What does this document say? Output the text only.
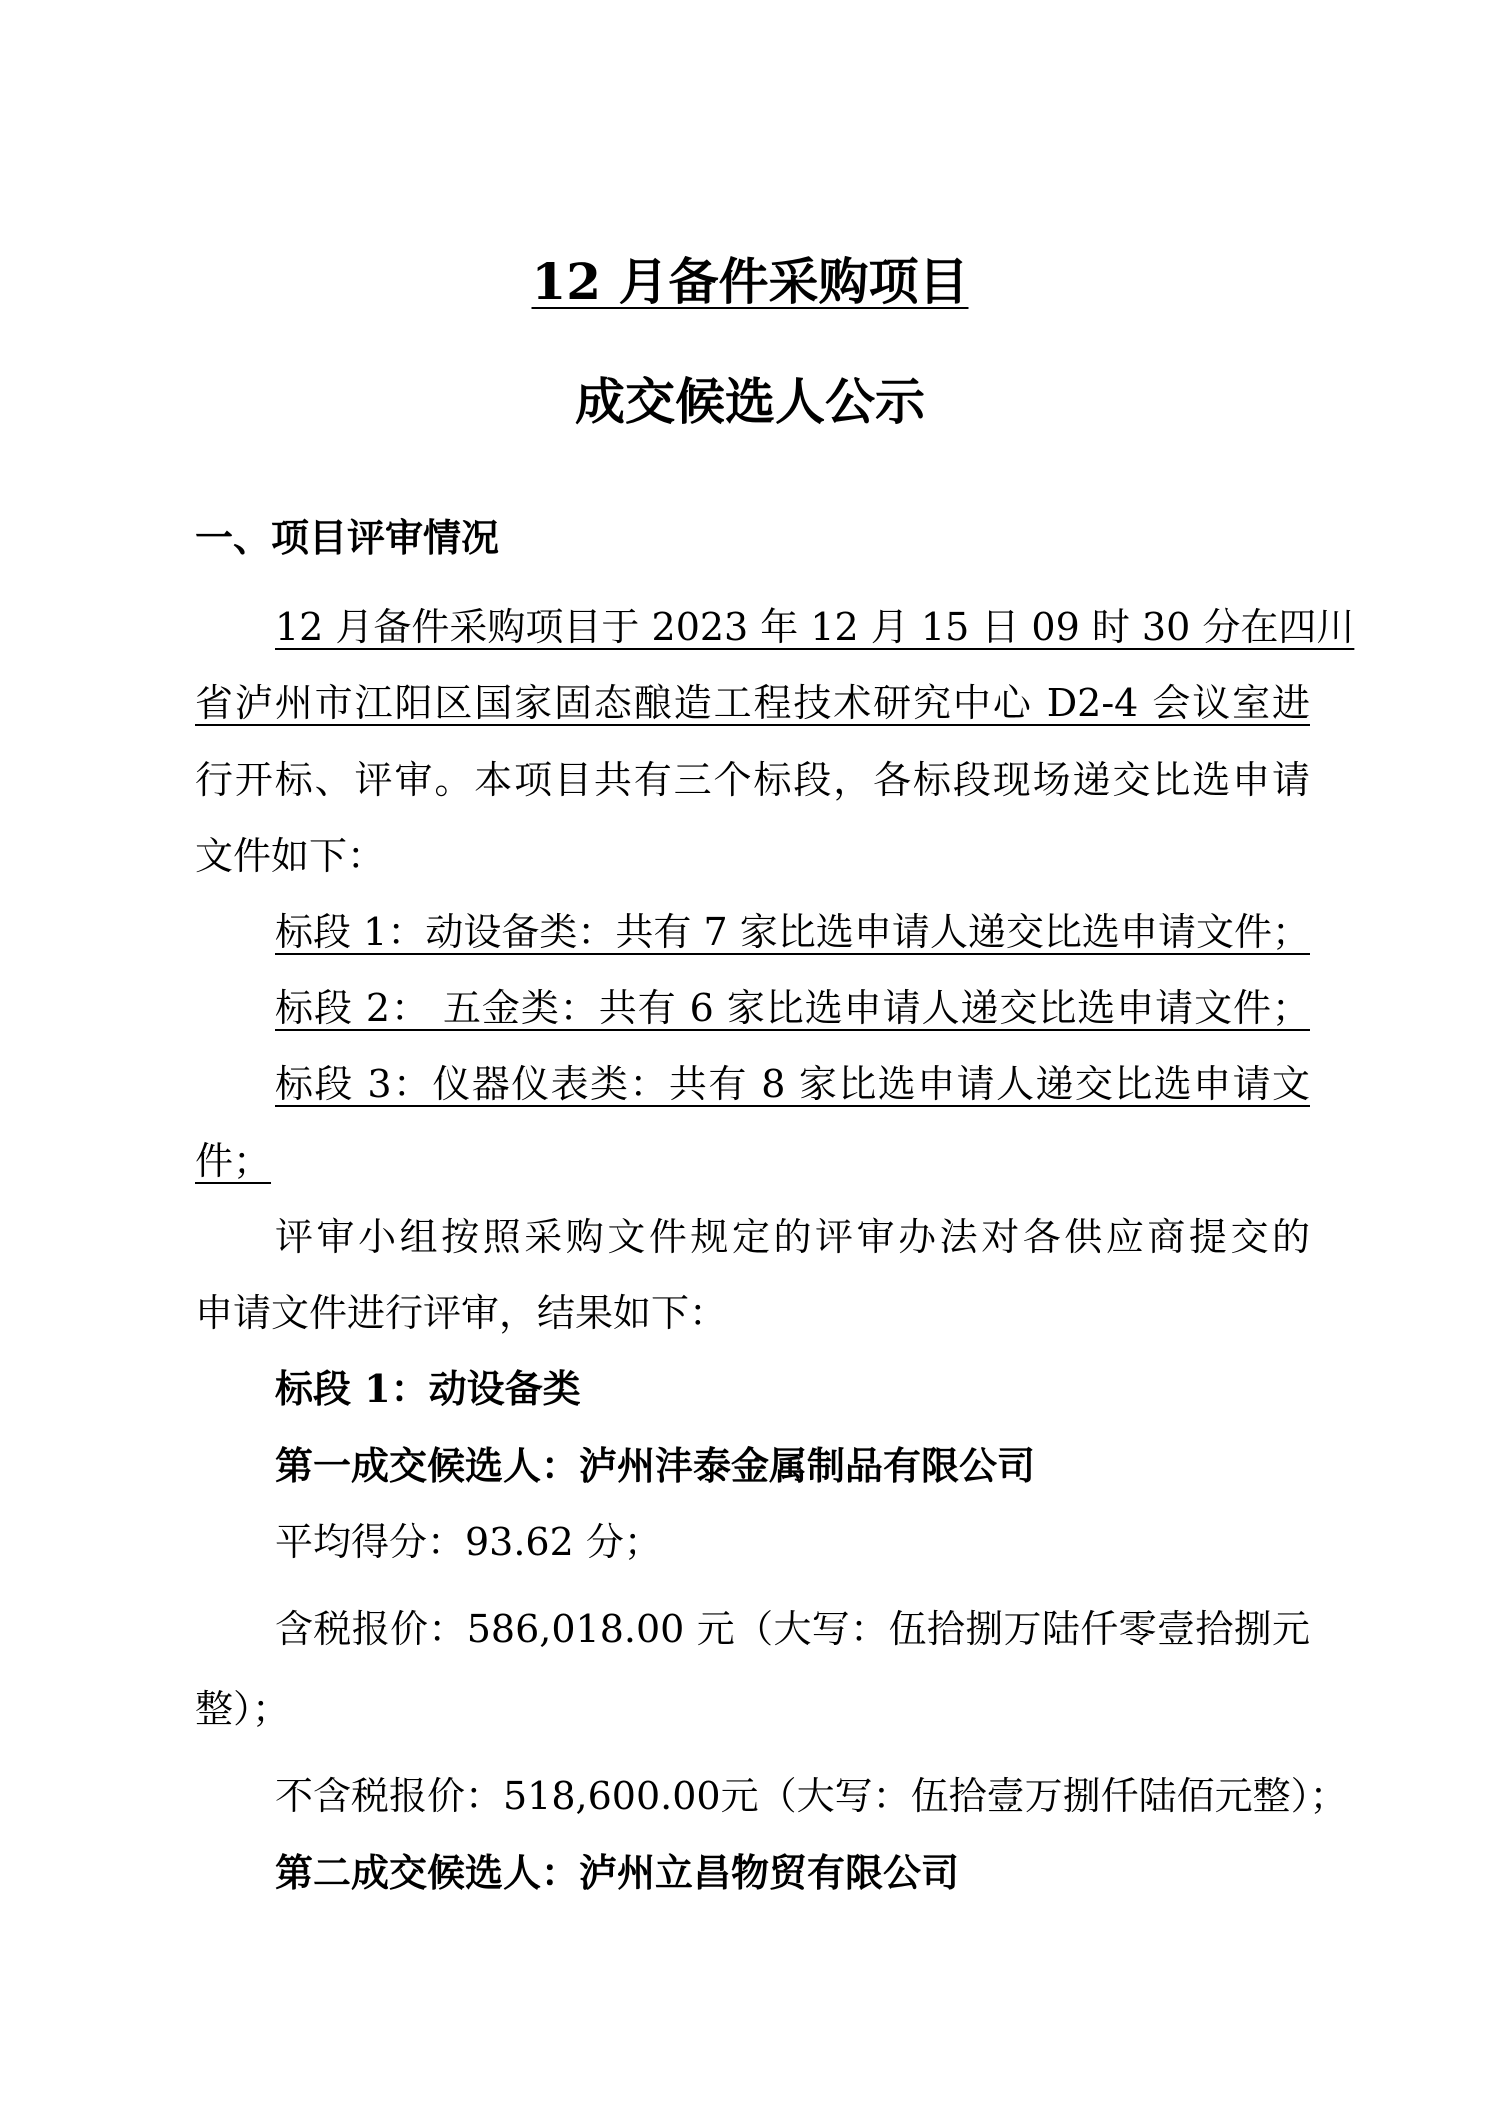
12 月备件采购项目
成交候选人公示
一、项目评审情况
12 月备件采购项目于 2023 年 12 月 15 日 09 时 30 分在四川
省泸州市江阳区国家固态酿造工程技术研究中心 D2-4 会议室进
行开标、评审。本项目共有三个标段，各标段现场递交比选申请
文件如下：
标段 1：动设备类：共有 7 家比选申请人递交比选申请文件；
标段 2： 五金类：共有 6 家比选申请人递交比选申请文件；
标段 3：仪器仪表类：共有 8 家比选申请人递交比选申请文
件；
评审小组按照采购文件规定的评审办法对各供应商提交的
申请文件进行评审，结果如下：
标段 1：动设备类
第一成交候选人：泸州沣泰金属制品有限公司
平均得分：93.62 分；
含税报价：586,018.00 元（大写：伍拾捌万陆仟零壹拾捌元
整）；
不含税报价：518,600.00元（大写：伍拾壹万捌仟陆佰元整）；
第二成交候选人：泸州立昌物贸有限公司
